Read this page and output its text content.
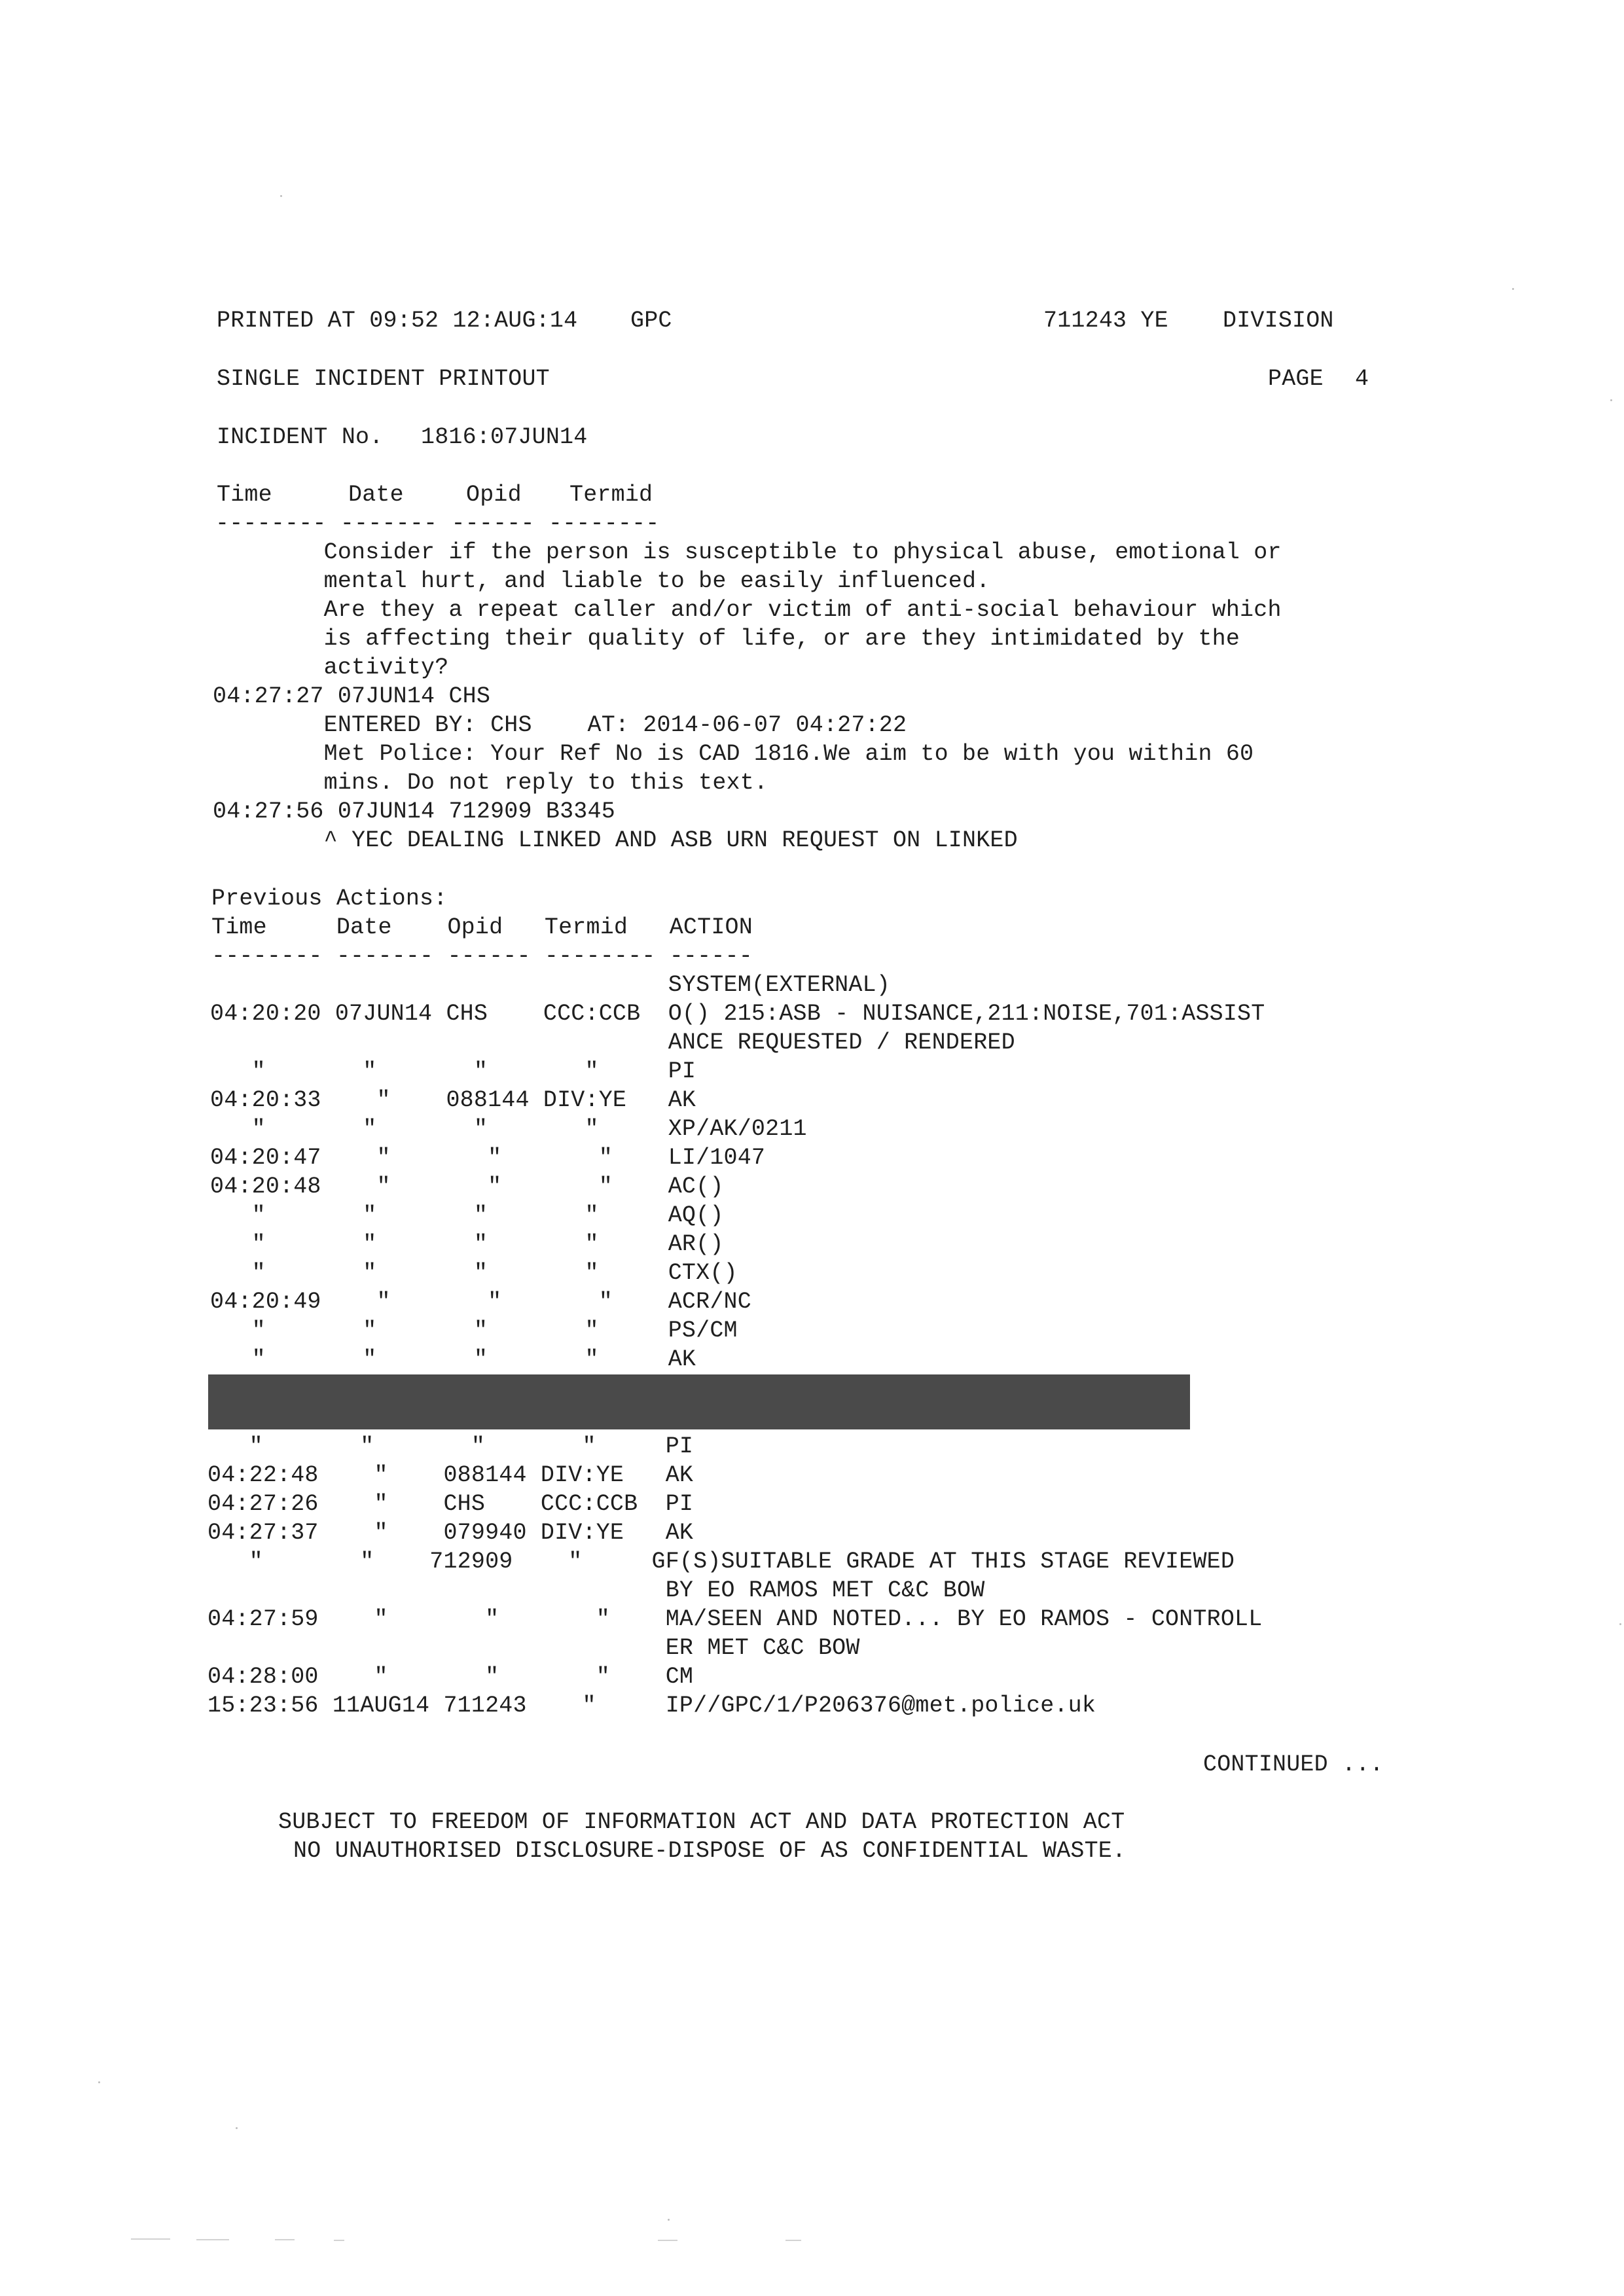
PRINTED AT 09:52 12:AUG:14 GPC	711243 YE DIVISION
SINGLE INCIDENT PRINTOUT	PAGE 4
INCIDENT No. 1816:07JUN14
Time	Date	Opid Termid
-------- ------- ------ --------
Consider if the person is susceptible to physical abuse, emotional or
mental hurt, and liable to be easily influenced.
Are they a repeat caller and/or victim of anti-social behaviour which
is affecting their quality of life, or are they intimidated by the
activity?
04:27:27 07JUN14 CHS
ENTERED BY: CHS    AT: 2014-06-07 04:27:22
Met Police: Your Ref No is CAD 1816.We aim to be with you within 60
mins. Do not reply to this text.
04:27:56 07JUN14 712909 B3345
^ YEC DEALING LINKED AND ASB URN REQUEST ON LINKED
Previous Actions:
Time     Date    Opid   Termid   ACTION
-------- ------- ------ -------- ------
SYSTEM(EXTERNAL)
04:20:20 07JUN14 CHS    CCC:CCB  O() 215:ASB - NUISANCE,211:NOISE,701:ASSIST
ANCE REQUESTED / RENDERED
"       "       "       "     PI
04:20:33    "    088144 DIV:YE   AK
"       "       "       "     XP/AK/0211
04:20:47    "       "       "    LI/1047
04:20:48    "       "       "    AC()
"       "       "       "     AQ()
"       "       "       "     AR()
"       "       "       "     CTX()
04:20:49    "       "       "    ACR/NC
"       "       "       "     PS/CM
"       "       "       "     AK
"       "       "       "     PI
04:22:48    "    088144 DIV:YE   AK
04:27:26    "    CHS    CCC:CCB  PI
04:27:37    "    079940 DIV:YE   AK
"       "    712909    "     GF(S)SUITABLE GRADE AT THIS STAGE REVIEWED
BY EO RAMOS MET C&C BOW
04:27:59    "       "       "    MA/SEEN AND NOTED... BY EO RAMOS - CONTROLL
ER MET C&C BOW
04:28:00    "       "       "    CM
15:23:56 11AUG14 711243    "     IP//GPC/1/P206376@met.police.uk
CONTINUED ...
SUBJECT TO FREEDOM OF INFORMATION ACT AND DATA PROTECTION ACT
NO UNAUTHORISED DISCLOSURE-DISPOSE OF AS CONFIDENTIAL WASTE.
